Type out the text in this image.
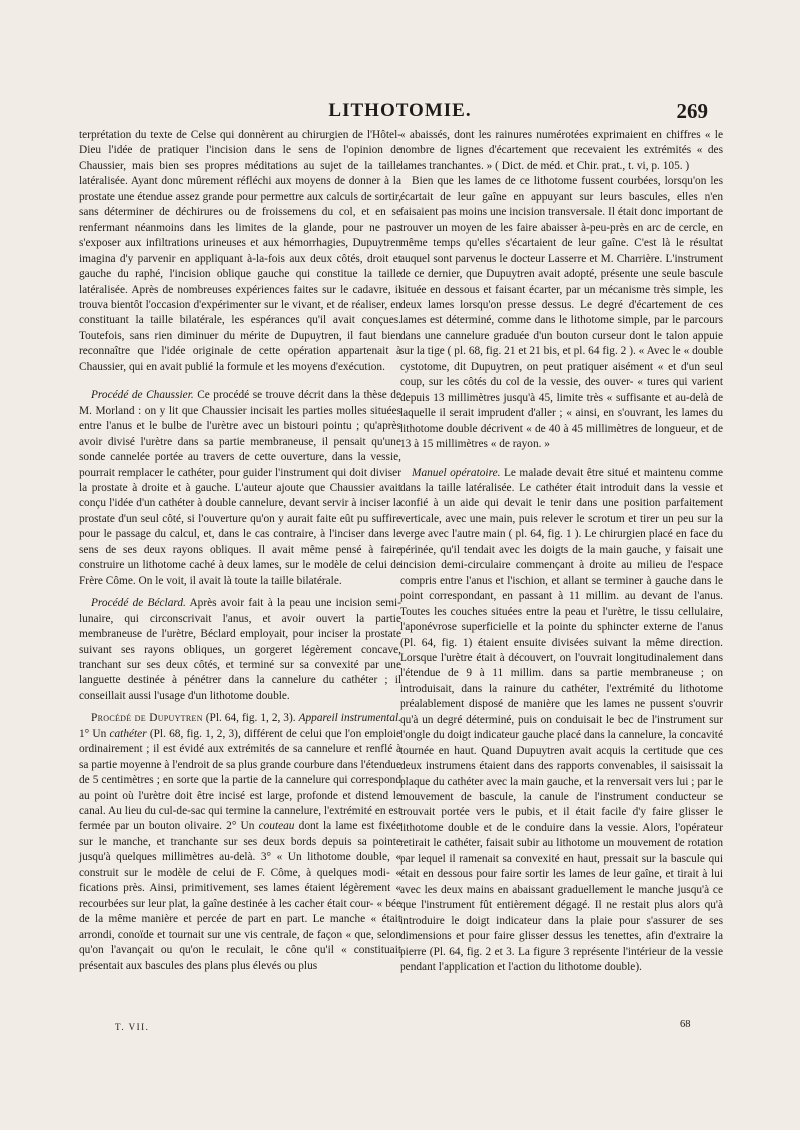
LITHOTOMIE.	269

terprétation du texte de Celse qui donnèrent au chirurgien de l'Hôtel-Dieu l'idée de pratiquer l'incision dans le sens de l'opinion de Chaussier, mais bien ses propres méditations au sujet de la taille latéralisée. Ayant donc mûrement réfléchi aux moyens de donner à la prostate une étendue assez grande pour permettre aux calculs de sortir, sans déterminer de déchirures ou de froissemens du col, et en se renfermant néanmoins dans les limites de la glande, pour ne pas s'exposer aux infiltrations urineuses et aux hémorrhagies, Dupuytren imagina d'y parvenir en appliquant à-la-fois aux deux côtés, droit et gauche du raphé, l'incision oblique gauche qui constitue la taille latéralisée. Après de nombreuses expériences faites sur le cadavre, il trouva bientôt l'occasion d'expérimenter sur le vivant, et de réaliser, en constituant la taille bilatérale, les espérances qu'il avait conçues. Toutefois, sans rien diminuer du mérite de Dupuytren, il faut bien reconnaître que l'idée originale de cette opération appartenait à Chaussier, qui en avait publié la formule et les moyens d'exécution.

Procédé de Chaussier. Ce procédé se trouve décrit dans la thèse de M. Morland : on y lit que Chaussier incisait les parties molles situées entre l'anus et le bulbe de l'urètre avec un bistouri pointu ; qu'après avoir divisé l'urètre dans sa partie membraneuse, il pensait qu'une sonde cannelée portée au travers de cette ouverture, dans la vessie, pourrait remplacer le cathéter, pour guider l'instrument qui doit diviser la prostate à droite et à gauche. L'auteur ajoute que Chaussier avait conçu l'idée d'un cathéter à double cannelure, devant servir à inciser la prostate d'un seul côté, si l'ouverture qu'on y aurait faite eût pu suffire pour le passage du calcul, et, dans le cas contraire, à l'inciser dans le sens de ses deux rayons obliques. Il avait même pensé à faire construire un lithotome caché à deux lames, sur le modèle de celui de Frère Côme. On le voit, il avait là toute la taille bilatérale.

Procédé de Béclard. Après avoir fait à la peau une incision semi-lunaire, qui circonscrivait l'anus, et avoir ouvert la partie membraneuse de l'urètre, Béclard employait, pour inciser la prostate suivant ses rayons obliques, un gorgeret légèrement concave, tranchant sur ses deux côtés, et terminé sur sa convexité par une languette destinée à pénétrer dans la cannelure du cathéter ; il conseillait aussi l'usage d'un lithotome double.

Procédé de Dupuytren (Pl. 64, fig. 1, 2, 3). Appareil instrumental. 1° Un cathéter (Pl. 68, fig. 1, 2, 3), différent de celui que l'on emploie ordinairement ; il est évidé aux extrémités de sa cannelure et renflé à sa partie moyenne à l'endroit de sa plus grande courbure dans l'étendue de 5 centimètres ; en sorte que la partie de la cannelure qui correspond au point où l'urètre doit être incisé est large, profonde et distend le canal. Au lieu du cul-de-sac qui termine la cannelure, l'extrémité en est fermée par un bouton olivaire. 2° Un couteau dont la lame est fixée sur le manche, et tranchante sur ses deux bords depuis sa pointe jusqu'à quelques millimètres au-delà. 3° « Un lithotome double, « construit sur le modèle de celui de F. Côme, à quelques modi- « fications près. Ainsi, primitivement, ses lames étaient légèrement « recourbées sur leur plat, la gaîne destinée à les cacher était cour- « bée de la même manière et percée de part en part. Le manche « était arrondi, conoïde et tournait sur une vis centrale, de façon « que, selon qu'on l'avançait ou qu'on le reculait, le cône qu'il « constituait présentait aux bascules des plans plus élevés ou plus

« abaissés, dont les rainures numérotées exprimaient en chiffres « le nombre de lignes d'écartement que recevaient les extrémités « des lames tranchantes. » ( Dict. de méd. et Chir. prat., t. vi, p. 105. )

Bien que les lames de ce lithotome fussent courbées, lorsqu'on les écartait de leur gaîne en appuyant sur leurs bascules, elles n'en faisaient pas moins une incision transversale. Il était donc important de trouver un moyen de les faire abaisser à-peu-près en arc de cercle, en même temps qu'elles s'écartaient de leur gaîne. C'est là le résultat auquel sont parvenus le docteur Lasserre et M. Charrière. L'instrument de ce dernier, que Dupuytren avait adopté, présente une seule bascule située en dessous et faisant écarter, par un mécanisme très simple, les deux lames lorsqu'on presse dessus. Le degré d'écartement de ces lames est déterminé, comme dans le lithotome simple, par le parcours dans une cannelure graduée d'un bouton curseur dont le talon appuie sur la tige ( pl. 68, fig. 21 et 21 bis, et pl. 64 fig. 2 ). « Avec le « double cystotome, dit Dupuytren, on peut pratiquer aisément « et d'un seul coup, sur les côtés du col de la vessie, des ouver- « tures qui varient depuis 13 millimètres jusqu'à 45, limite très « suffisante et au-delà de laquelle il serait imprudent d'aller ; « ainsi, en s'ouvrant, les lames du lithotome double décrivent « de 40 à 45 millimètres de longueur, et de 13 à 15 millimètres « de rayon. »

Manuel opératoire. Le malade devait être situé et maintenu comme dans la taille latéralisée. Le cathéter était introduit dans la vessie et confié à un aide qui devait le tenir dans une position parfaitement verticale, avec une main, puis relever le scrotum et tirer un peu sur la verge avec l'autre main ( pl. 64, fig. 1 ). Le chirurgien placé en face du périnée, qu'il tendait avec les doigts de la main gauche, y faisait une incision demi-circulaire commençant à droite au milieu de l'espace compris entre l'anus et l'ischion, et allant se terminer à gauche dans le point correspondant, en passant à 11 millim. au devant de l'anus. Toutes les couches situées entre la peau et l'urètre, le tissu cellulaire, l'aponévrose superficielle et la pointe du sphincter externe de l'anus (Pl. 64, fig. 1) étaient ensuite divisées suivant la même direction. Lorsque l'urètre était à découvert, on l'ouvrait longitudinalement dans l'étendue de 9 à 11 millim. dans sa partie membraneuse ; on introduisait, dans la rainure du cathéter, l'extrémité du lithotome préalablement disposé de manière que les lames ne pussent s'ouvrir qu'à un degré déterminé, puis on conduisait le bec de l'instrument sur l'ongle du doigt indicateur gauche placé dans la cannelure, la concavité tournée en haut. Quand Dupuytren avait acquis la certitude que ces deux instrumens étaient dans des rapports convenables, il saisissait la plaque du cathéter avec la main gauche, et la renversait vers lui ; par le mouvement de bascule, la canule de l'instrument conducteur se trouvait portée vers le pubis, et il était facile d'y faire glisser le lithotome double et de le conduire dans la vessie. Alors, l'opérateur retirait le cathéter, faisait subir au lithotome un mouvement de rotation par lequel il ramenait sa convexité en haut, pressait sur la bascule qui était en dessous pour faire sortir les lames de leur gaîne, et tirait à lui avec les deux mains en abaissant graduellement le manche jusqu'à ce que l'instrument fût entièrement dégagé. Il ne restait plus alors qu'à introduire le doigt indicateur dans la plaie pour s'assurer de ses dimensions et pour faire glisser dessus les tenettes, afin d'extraire la pierre (Pl. 64, fig. 2 et 3. La figure 3 représente l'intérieur de la vessie pendant l'application et l'action du lithotome double).

T. VII.	68
